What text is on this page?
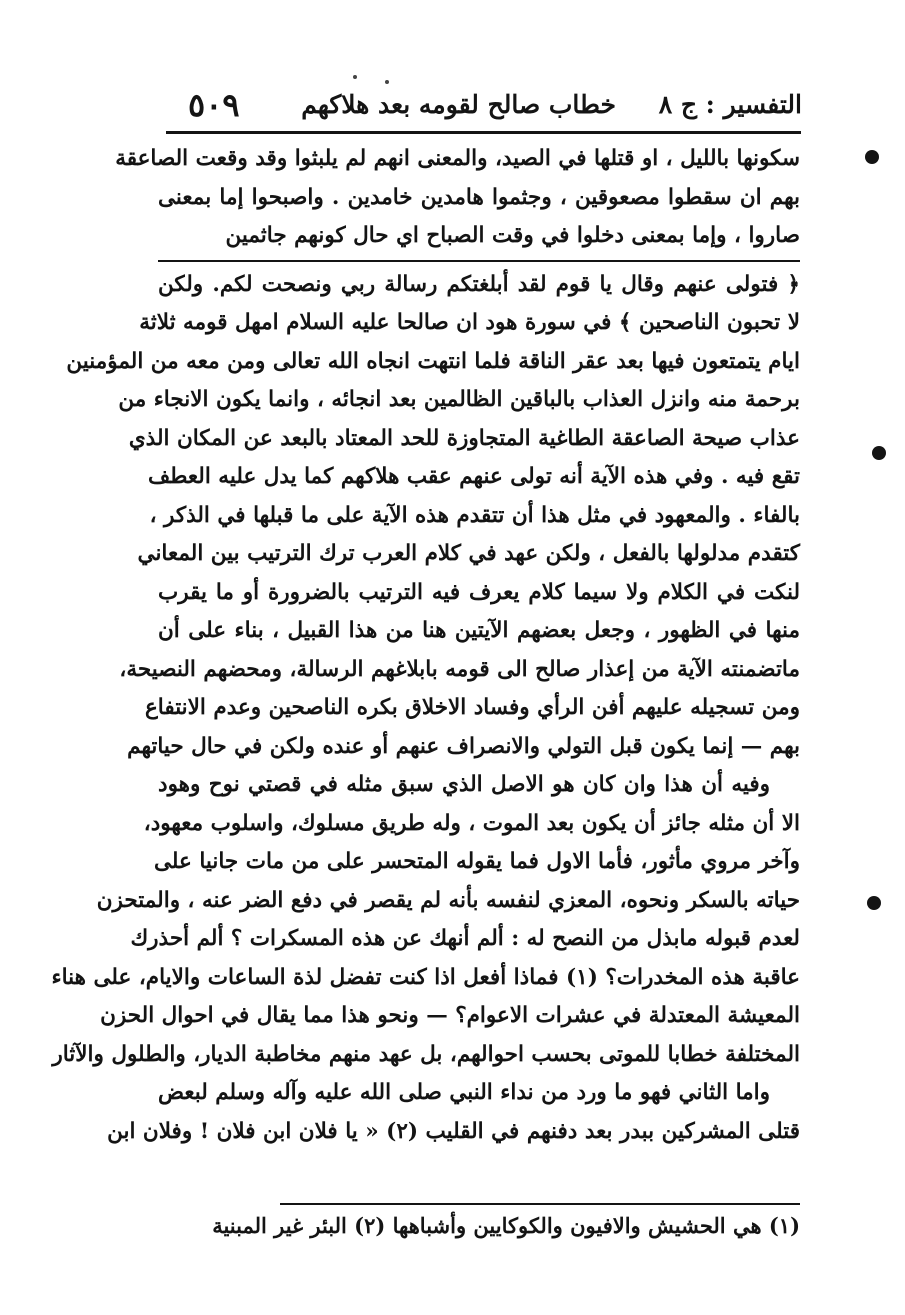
التفسير : ج ٨
خطاب صالح لقومه بعد هلاكهم
٥٠٩
سكونها بالليل ، او قتلها في الصيد، والمعنى انهم لم يلبثوا وقد وقعت الصاعقة
بهم ان سقطوا مصعوقين ، وجثموا هامدين خامدين . واصبحوا إما بمعنى
صاروا ، وإما بمعنى دخلوا في وقت الصباح اي حال كونهم جاثمين
﴿ فتولى عنهم وقال يا قوم لقد أبلغتكم رسالة ربي ونصحت لكم. ولكن
لا تحبون الناصحين ﴾ في سورة هود ان صالحا عليه السلام امهل قومه ثلاثة
ايام يتمتعون فيها بعد عقر الناقة فلما انتهت انجاه الله تعالى ومن معه من المؤمنين
برحمة منه وانزل العذاب بالباقين الظالمين بعد انجائه ، وانما يكون الانجاء من
عذاب صيحة الصاعقة الطاغية المتجاوزة للحد المعتاد بالبعد عن المكان الذي
تقع فيه . وفي هذه الآية أنه تولى عنهم عقب هلاكهم كما يدل عليه العطف
بالفاء . والمعهود في مثل هذا أن تتقدم هذه الآية على ما قبلها في الذكر ،
كتقدم مدلولها بالفعل ، ولكن عهد في كلام العرب ترك الترتيب بين المعاني
لنكت في الكلام ولا سيما كلام يعرف فيه الترتيب بالضرورة أو ما يقرب
منها في الظهور ، وجعل بعضهم الآيتين هنا من هذا القبيل ، بناء على أن
ماتضمنته الآية من إعذار صالح الى قومه بابلاغهم الرسالة، ومحضهم النصيحة،
ومن تسجيله عليهم أفن الرأي وفساد الاخلاق بكره الناصحين وعدم الانتفاع
بهم — إنما يكون قبل التولي والانصراف عنهم أو عنده ولكن في حال حياتهم
وفيه أن هذا وان كان هو الاصل الذي سبق مثله في قصتي نوح وهود
الا أن مثله جائز أن يكون بعد الموت ، وله طريق مسلوك، واسلوب معهود،
وآخر مروي مأثور، فأما الاول فما يقوله المتحسر على من مات جانيا على
حياته بالسكر ونحوه، المعزي لنفسه بأنه لم يقصر في دفع الضر عنه ، والمتحزن
لعدم قبوله مابذل من النصح له : ألم أنهك عن هذه المسكرات ؟ ألم أحذرك
عاقبة هذه المخدرات؟ (١) فماذا أفعل اذا كنت تفضل لذة الساعات والايام، على هناء
المعيشة المعتدلة في عشرات الاعوام؟ — ونحو هذا مما يقال في احوال الحزن
المختلفة خطابا للموتى بحسب احوالهم، بل عهد منهم مخاطبة الديار، والطلول والآثار
واما الثاني فهو ما ورد من نداء النبي صلى الله عليه وآله وسلم لبعض
قتلى المشركين ببدر بعد دفنهم في القليب (٢) « يا فلان ابن فلان ! وفلان ابن
(١) هي الحشيش والافيون والكوكايين وأشباهها (٢) البئر غير المبنية
